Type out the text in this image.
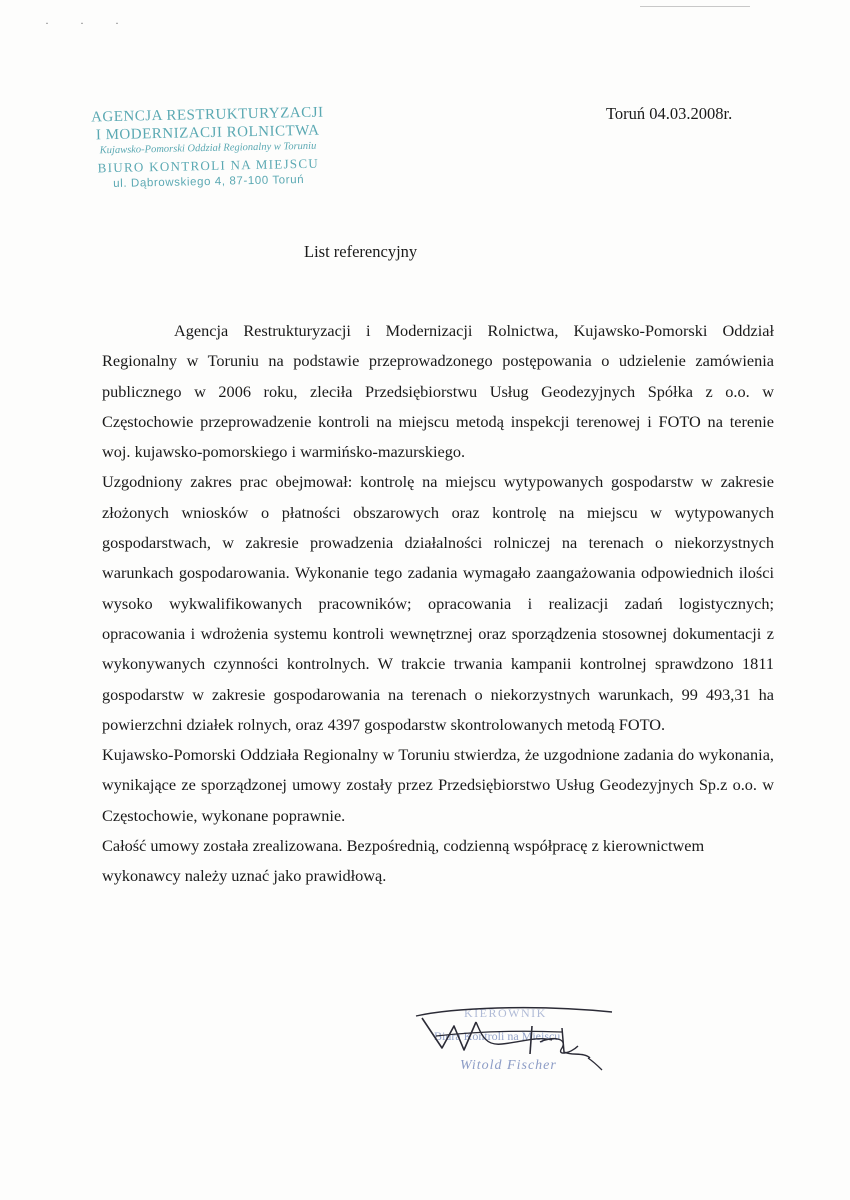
· · ·
AGENCJA RESTRUKTURYZACJI
I MODERNIZACJI ROLNICTWA
Kujawsko-Pomorski Oddział Regionalny w Toruniu
BIURO KONTROLI NA MIEJSCU
ul. Dąbrowskiego 4, 87-100 Toruń
Toruń 04.03.2008r.
List referencyjny

Agencja Restrukturyzacji i Modernizacji Rolnictwa, Kujawsko-Pomorski Oddział Regionalny w Toruniu na podstawie przeprowadzonego postępowania o udzielenie zamówienia publicznego w 2006 roku, zleciła Przedsiębiorstwu Usług Geodezyjnych Spółka z o.o. w Częstochowie przeprowadzenie kontroli na miejscu metodą inspekcji terenowej i FOTO na terenie woj. kujawsko-pomorskiego i warmińsko-mazurskiego.

Uzgodniony zakres prac obejmował: kontrolę na miejscu wytypowanych gospodarstw w zakresie złożonych wniosków o płatności obszarowych oraz kontrolę na miejscu w wytypowanych gospodarstwach, w zakresie prowadzenia działalności rolniczej na terenach o niekorzystnych warunkach gospodarowania. Wykonanie tego zadania wymagało zaangażowania odpowiednich ilości wysoko wykwalifikowanych pracowników; opracowania i realizacji zadań logistycznych; opracowania i wdrożenia systemu kontroli wewnętrznej oraz sporządzenia stosownej dokumentacji z wykonywanych czynności kontrolnych. W trakcie trwania kampanii kontrolnej sprawdzono 1811 gospodarstw w zakresie gospodarowania na terenach o niekorzystnych warunkach, 99 493,31 ha powierzchni działek rolnych, oraz 4397 gospodarstw skontrolowanych metodą FOTO.

Kujawsko-Pomorski Oddziała Regionalny w Toruniu stwierdza, że uzgodnione zadania do wykonania, wynikające ze sporządzonej umowy zostały przez Przedsiębiorstwo Usług Geodezyjnych Sp.z o.o. w Częstochowie, wykonane poprawnie.

Całość umowy została zrealizowana. Bezpośrednią, codzienną współpracę z kierownictwem wykonawcy należy uznać jako prawidłową.

KIEROWNIK
Biura Kontroli na Miejscu
Witold Fischer
